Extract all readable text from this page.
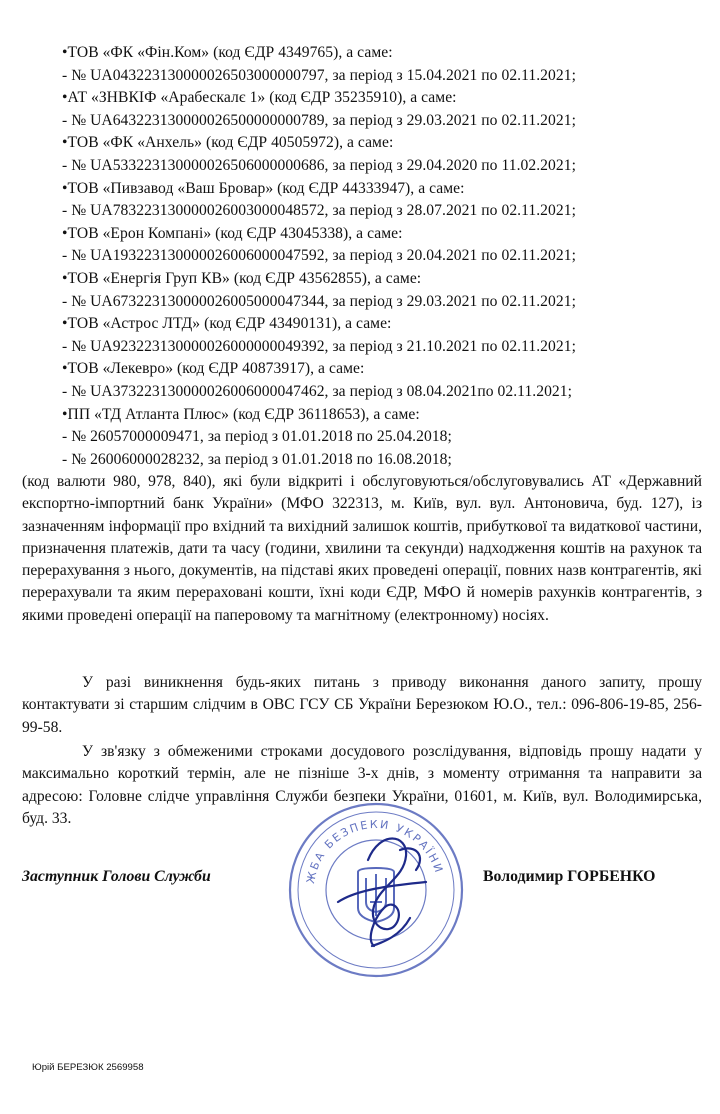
•ТОВ «ФК «Фін.Ком» (код ЄДР 4349765), а саме:
- № UA043223130000026503000000797, за період з 15.04.2021 по 02.11.2021;
•АТ «ЗНВКІФ «Арабескалє 1» (код ЄДР 35235910), а саме:
- № UA643223130000026500000000789, за період з 29.03.2021 по 02.11.2021;
•ТОВ «ФК «Анхель» (код ЄДР 40505972), а саме:
- № UA533223130000026506000000686, за період з 29.04.2020 по 11.02.2021;
•ТОВ «Пивзавод «Ваш Бровар» (код ЄДР 44333947), а саме:
- № UA783223130000026003000048572, за період з 28.07.2021 по 02.11.2021;
•ТОВ «Ерон Компані» (код ЄДР 43045338), а саме:
- № UA193223130000026006000047592, за період з 20.04.2021 по 02.11.2021;
•ТОВ «Енергія Груп КВ» (код ЄДР 43562855), а саме:
- № UA673223130000026005000047344, за період з 29.03.2021 по 02.11.2021;
•ТОВ «Астрос ЛТД» (код ЄДР 43490131), а саме:
- № UA923223130000026000000049392, за період з 21.10.2021 по 02.11.2021;
•ТОВ «Лекевро» (код ЄДР 40873917), а саме:
- № UA373223130000026006000047462, за період з 08.04.2021по 02.11.2021;
•ПП «ТД Атланта Плюс» (код ЄДР 36118653), а саме:
- № 26057000009471, за період з 01.01.2018 по 25.04.2018;
- № 26006000028232, за період з 01.01.2018 по 16.08.2018;
(код валюти 980, 978, 840), які були відкриті і обслуговуються/обслуговувались АТ «Державний експортно-імпортний банк України» (МФО 322313, м. Київ, вул. вул. Антоновича, буд. 127), із зазначенням інформації про вхідний та вихідний залишок коштів, прибуткової та видаткової частини, призначення платежів, дати та часу (години, хвилини та секунди) надходження коштів на рахунок та перерахування з нього, документів, на підставі яких проведені операції, повних назв контрагентів, які перерахували та яким перераховані кошти, їхні коди ЄДР, МФО й номерів рахунків контрагентів, з якими проведені операції на паперовому та магнітному (електронному) носіях.
У разі виникнення будь-яких питань з приводу виконання даного запиту, прошу контактувати зі старшим слідчим в ОВС ГСУ СБ України Березюком Ю.О., тел.: 096-806-19-85, 256-99-58.
У зв'язку з обмеженими строками досудового розслідування, відповідь прошу надати у максимально короткий термін, але не пізніше 3-х днів, з моменту отримання та направити за адресою: Головне слідче управління Служби безпеки України, 01601, м. Київ, вул. Володимирська, буд. 33.
ЖБА БЕЗПЕКИ УКРАЇНИ
Заступник Голови Служби	Володимир ГОРБЕНКО
Юрій БЕРЕЗЮК 2569958
